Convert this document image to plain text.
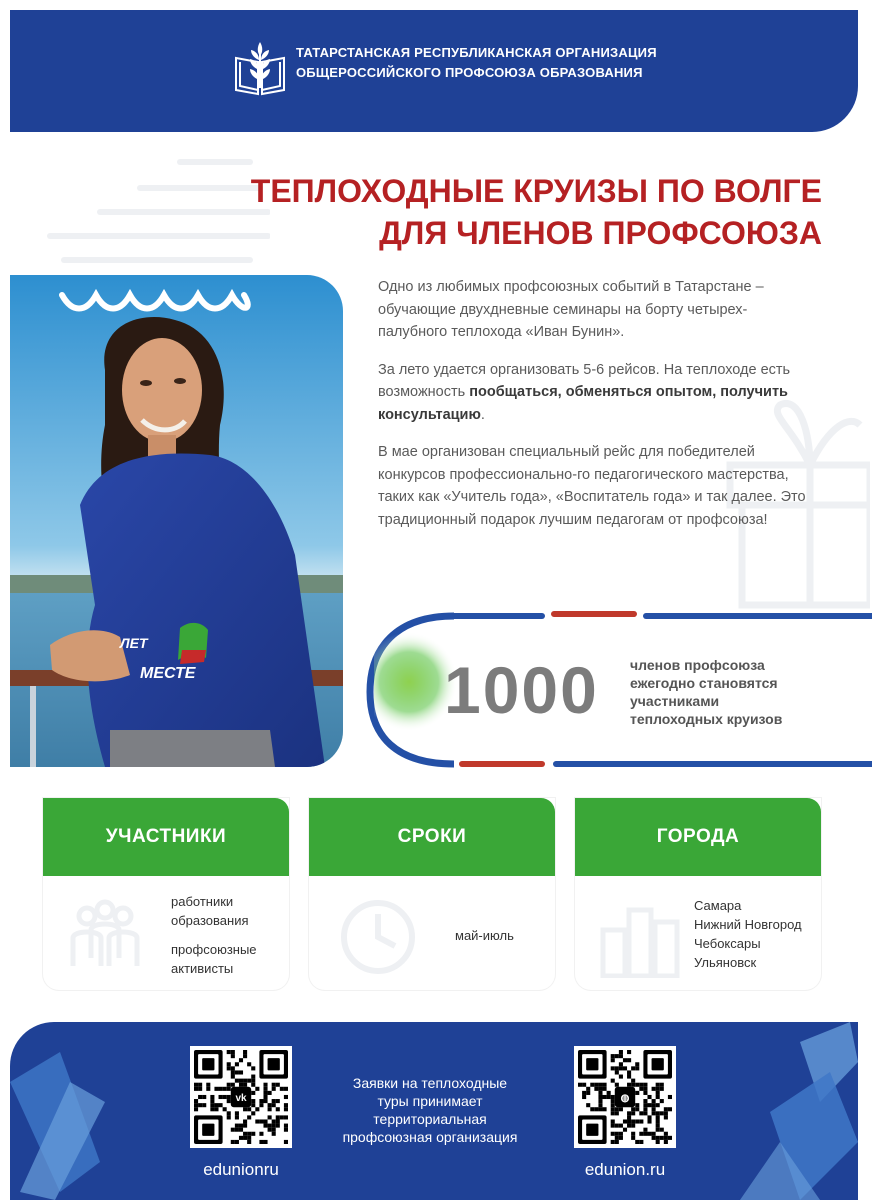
ТАТАРСТАНСКАЯ РЕСПУБЛИКАНСКАЯ ОРГАНИЗАЦИЯ
ОБЩЕРОССИЙСКОГО ПРОФСОЮЗА ОБРАЗОВАНИЯ
ТЕПЛОХОДНЫЕ КРУИЗЫ ПО ВОЛГЕ
ДЛЯ ЧЛЕНОВ ПРОФСОЮЗА
ЛЕТ
МЕСТЕ

Одно из любимых профсоюзных событий в Татарстане – обучающие двухдневные семинары на борту четырех-палубного теплохода «Иван Бунин».

За лето удается организовать 5-6 рейсов. На теплоходе есть возможность пообщаться, обменяться опытом, получить консультацию.

В мае организован специальный рейс для победителей конкурсов профессионально-го педагогического мастерства, таких как «Учитель года», «Воспитатель года» и так далее. Это традиционный подарок лучшим педагогам от профсоюза!

1000 членов профсоюза
ежегодно становятся
участниками
теплоходных круизов
УЧАСТНИКИ
работники
образования
профсоюзные
активисты
СРОКИ
май-июль
ГОРОДА
Самара
Нижний Новгород
Чебоксары
Ульяновск
vk
Заявки на теплоходные
туры принимает
территориальная
профсоюзная организация
◍
edunionru	edunion.ru
